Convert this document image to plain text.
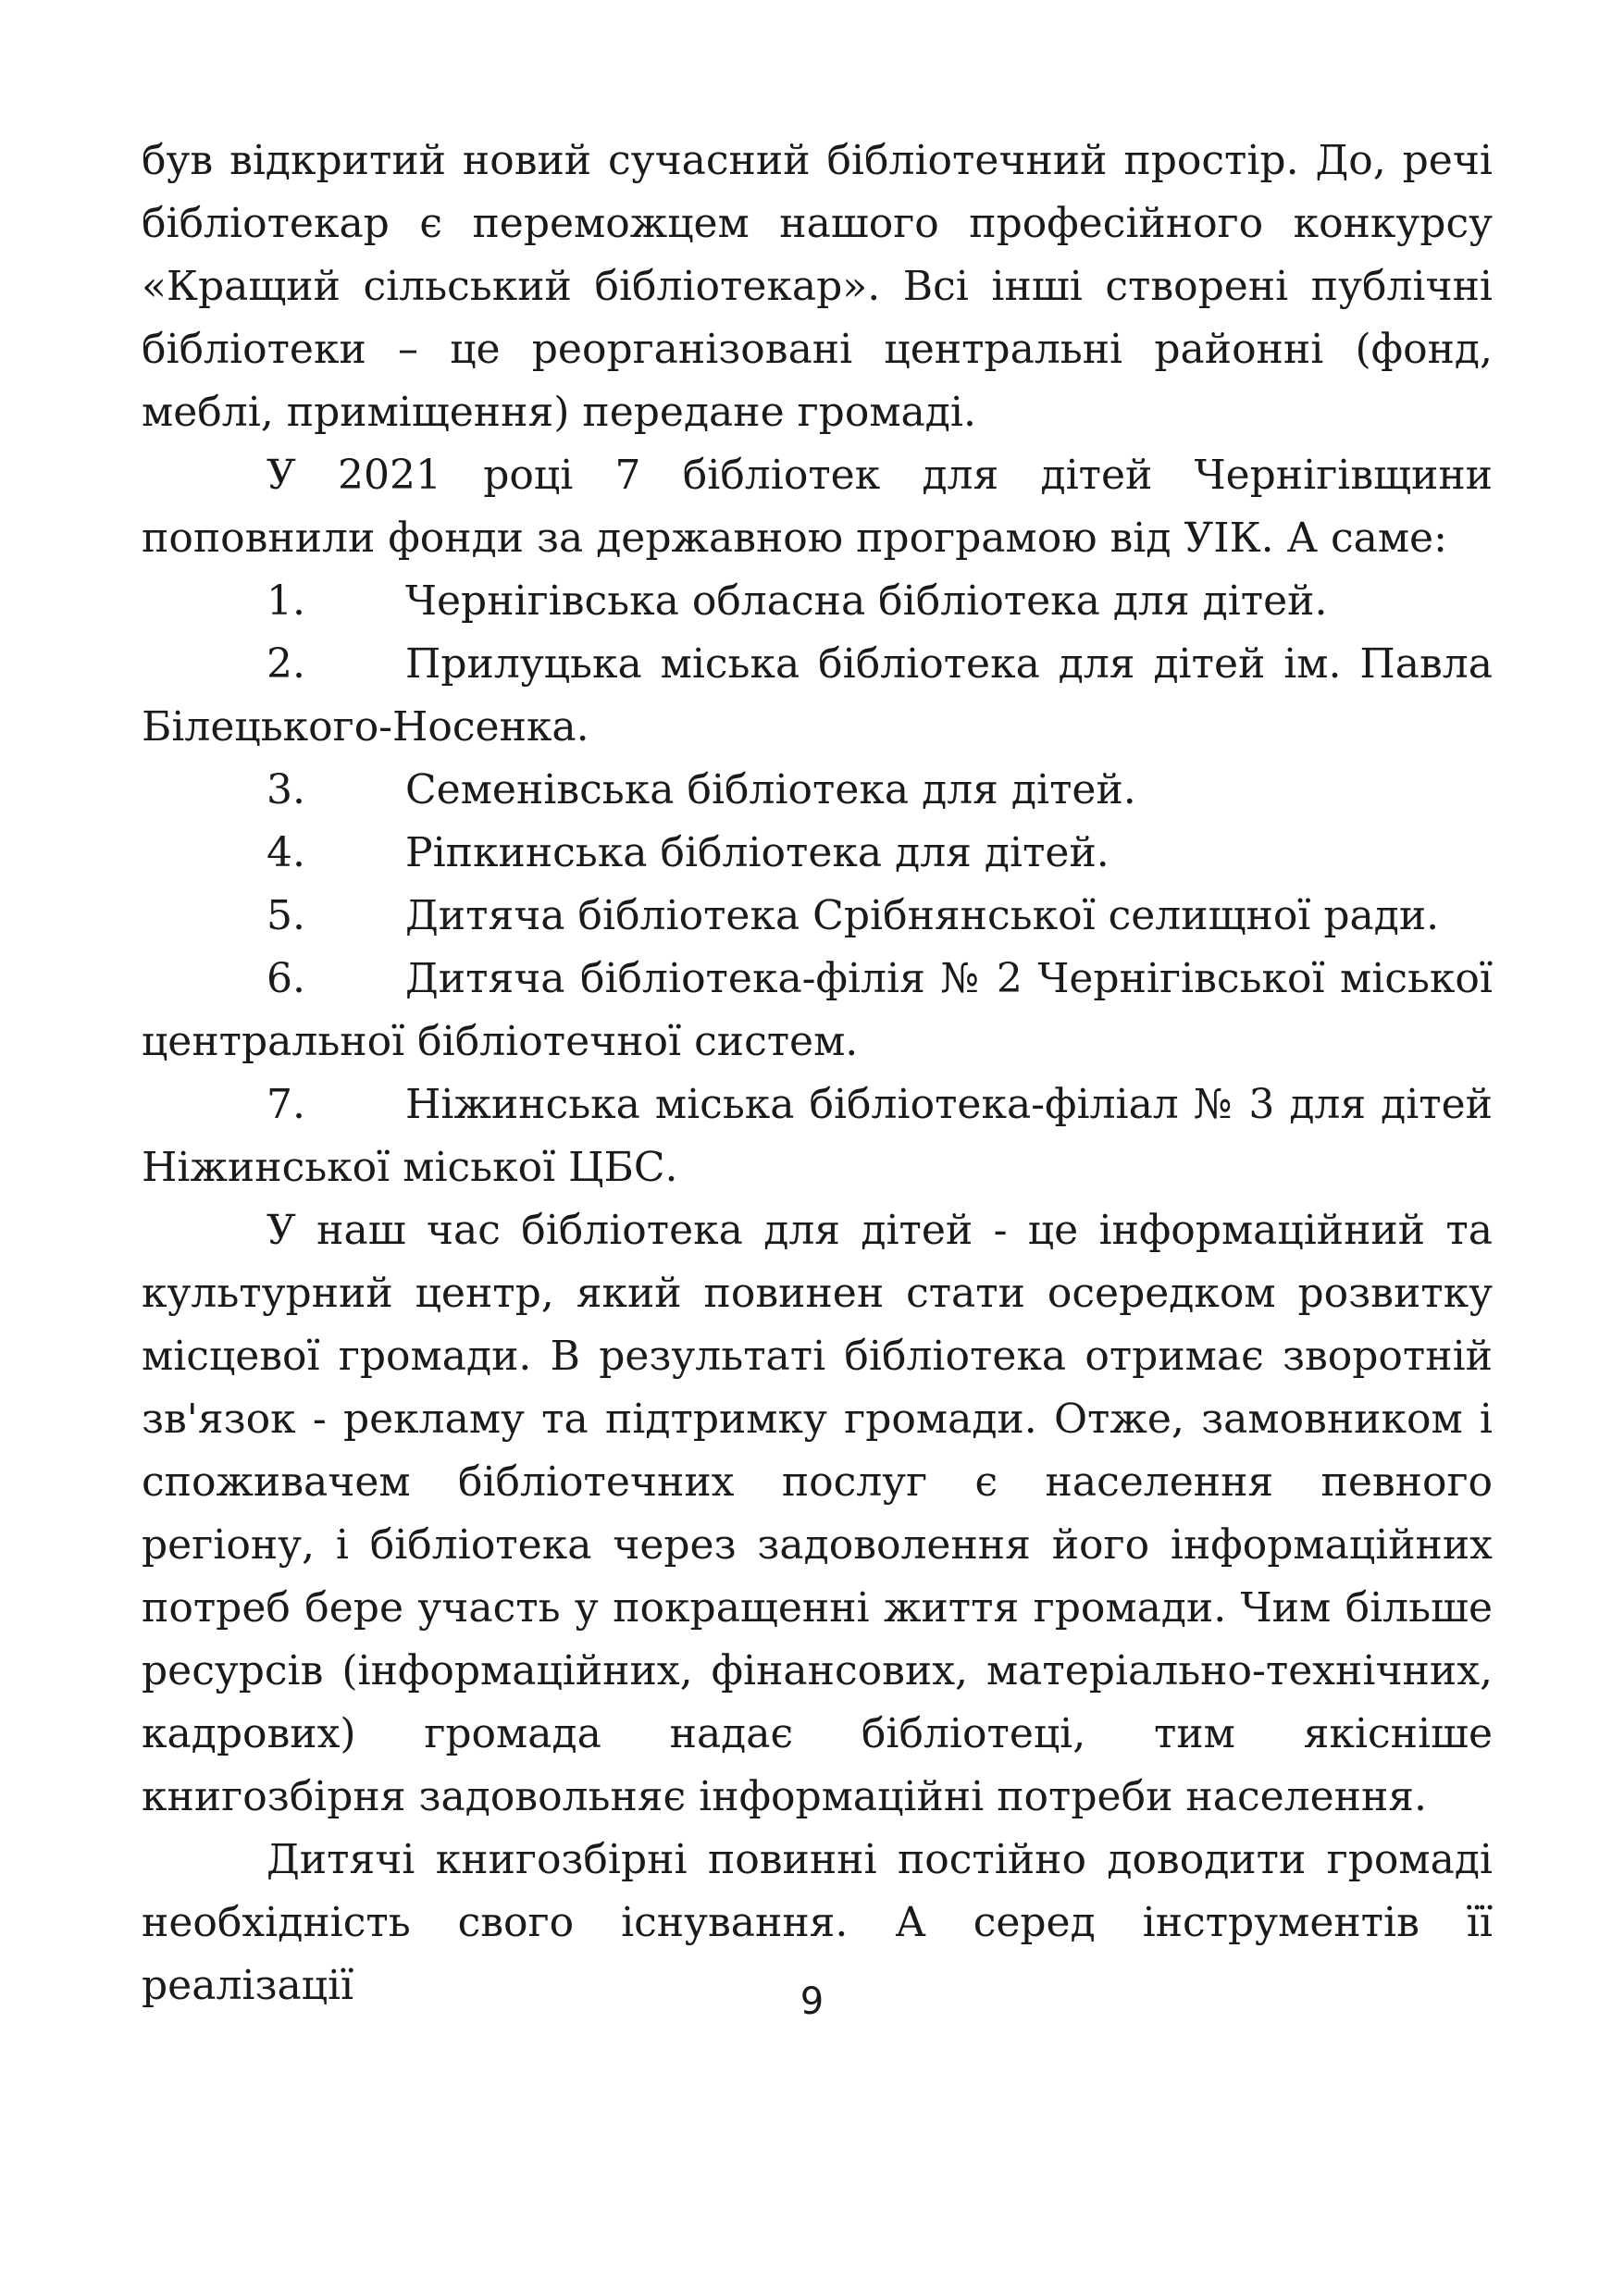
був відкритий новий сучасний бібліотечний простір. До, речі бібліотекар є переможцем нашого професійного конкурсу «Кращий сільський бібліотекар». Всі інші створені публічні бібліотеки – це реорганізовані центральні районні (фонд, меблі, приміщення) передане громаді.

У 2021 році 7 бібліотек для дітей Чернігівщини поповнили фонди за державною програмою від УІК. А саме:

1. Чернігівська обласна бібліотека для дітей.

2. Прилуцька міська бібліотека для дітей ім. Павла Білецького-Носенка.

3. Семенівська бібліотека для дітей.

4. Ріпкинська бібліотека для дітей.

5. Дитяча бібліотека Срібнянської селищної ради.

6. Дитяча бібліотека-філія № 2 Чернігівської міської центральної бібліотечної систем.

7. Ніжинська міська бібліотека-філіал № 3 для дітей Ніжинської міської ЦБС.

У наш час бібліотека для дітей - це інформаційний та культурний центр, який повинен стати осередком розвитку місцевої громади. В результаті бібліотека отримає зворотній зв'язок - рекламу та підтримку громади. Отже, замовником і споживачем бібліотечних послуг є населення певного регіону, і бібліотека через задоволення його інформаційних потреб бере участь у покращенні життя громади. Чим більше ресурсів (інформаційних, фінансових, матеріально-технічних, кадрових) громада надає бібліотеці, тим якісніше книгозбірня задовольняє інформаційні потреби населення.

Дитячі книгозбірні повинні постійно доводити громаді необхідність свого існування. А серед інструментів її реалізації	9
